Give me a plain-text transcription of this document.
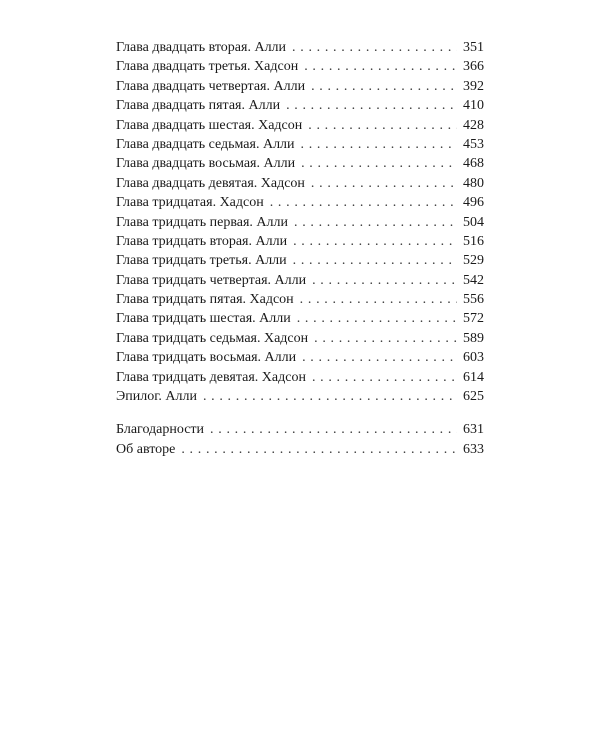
Глава двадцать вторая. Алли . . .	351
Глава двадцать третья. Хадсон . . .	366
Глава двадцать четвертая. Алли . . .	392
Глава двадцать пятая. Алли . . .	410
Глава двадцать шестая. Хадсон . . .	428
Глава двадцать седьмая. Алли . . .	453
Глава двадцать восьмая. Алли . . .	468
Глава двадцать девятая. Хадсон . . .	480
Глава тридцатая. Хадсон . . .	496
Глава тридцать первая. Алли . . .	504
Глава тридцать вторая. Алли . . .	516
Глава тридцать третья. Алли . . .	529
Глава тридцать четвертая. Алли . . .	542
Глава тридцать пятая. Хадсон . . .	556
Глава тридцать шестая. Алли . . .	572
Глава тридцать седьмая. Хадсон . . .	589
Глава тридцать восьмая. Алли . . .	603
Глава тридцать девятая. Хадсон . . .	614
Эпилог. Алли . . .	625
Благодарности . . .	631
Об авторе . . .	633
